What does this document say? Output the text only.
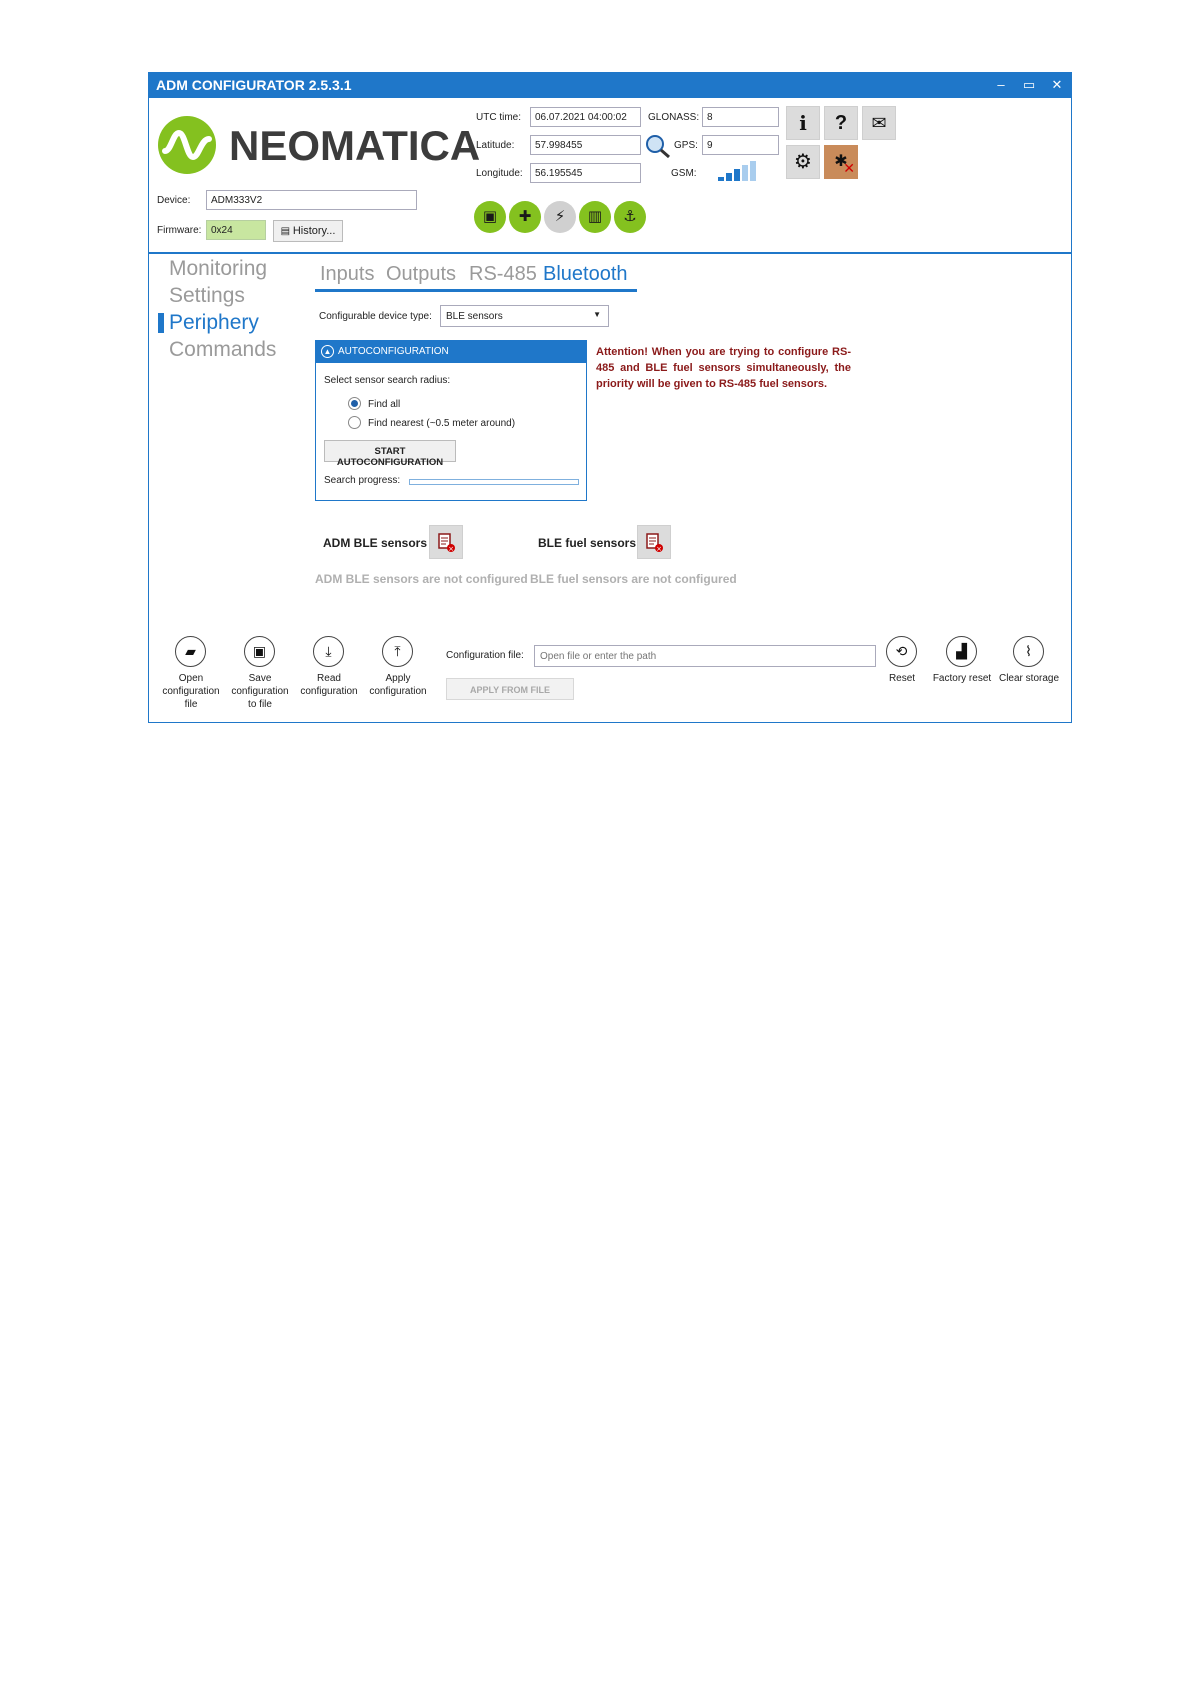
ADM CONFIGURATOR 2.5.3.1	–	▭	✕
NEOMATICA
Device:	ADM333V2
Firmware: 0x24	▤ History...
UTC time:	06.07.2021 04:00:02
Latitude:	57.998455
Longitude:	56.195545
GLONASS: 8
GPS: 9
GSM:
i	?	✉
⚙	✱
✕
▣	✚	⚡	▥	⚓
Monitoring
Settings
Periphery
Commands
Inputs Outputs RS-485 Bluetooth
Configurable device type:	BLE sensors	▼
▲ AUTOCONFIGURATION
Select sensor search radius:
Find all
Find nearest (~0.5 meter around)
START AUTOCONFIGURATION
Search progress:
Attention! When you are trying to configure RS-485 and BLE fuel sensors simultaneously, the priority will be given to RS-485 fuel sensors.
ADM BLE sensors	×	BLE fuel sensors	×
ADM BLE sensors are not configured BLE fuel sensors are not configured
▰
Open
configuration
file
▣
Save
configuration
to file
⤓
Read
configuration
⤒
Apply
configuration
Configuration file:
Open file or enter the path
APPLY FROM FILE
⟲
Reset
▟
Factory reset
⌇
Clear storage
